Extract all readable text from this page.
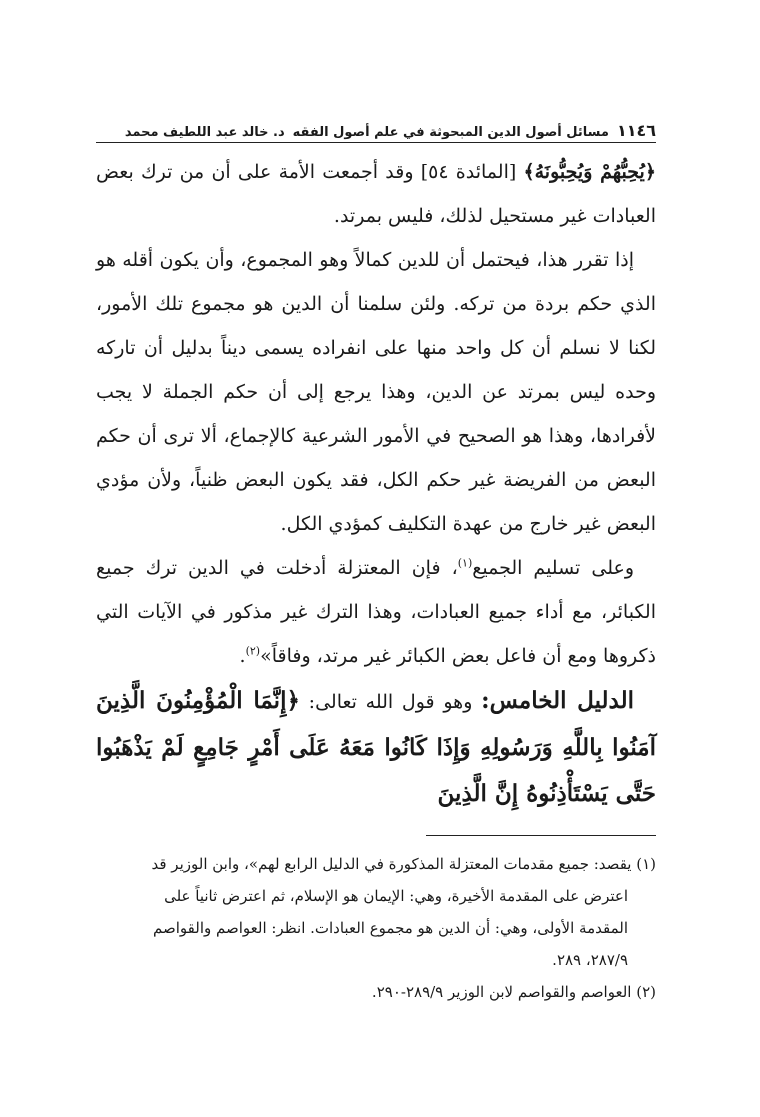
١١٤٦
مسائل أصول الدين المبحوثة في علم أصول الفقه
د. خالد عبد اللطيف محمد

﴿يُحِبُّهُمْ وَيُحِبُّونَهُ﴾ [المائدة ٥٤] وقد أجمعت الأمة على أن من ترك بعض العبادات غير مستحيل لذلك، فليس بمرتد.

إذا تقرر هذا، فيحتمل أن للدين كمالاً وهو المجموع، وأن يكون أقله هو الذي حكم بردة من تركه. ولئن سلمنا أن الدين هو مجموع تلك الأمور، لكنا لا نسلم أن كل واحد منها على انفراده يسمى ديناً بدليل أن تاركه وحده ليس بمرتد عن الدين، وهذا يرجع إلى أن حكم الجملة لا يجب لأفرادها، وهذا هو الصحيح في الأمور الشرعية كالإجماع، ألا ترى أن حكم البعض من الفريضة غير حكم الكل، فقد يكون البعض ظنياً، ولأن مؤدي البعض غير خارج من عهدة التكليف كمؤدي الكل.

وعلى تسليم الجميع$^{(١)}$، فإن المعتزلة أدخلت في الدين ترك جميع الكبائر، مع أداء جميع العبادات، وهذا الترك غير مذكور في الآيات التي ذكروها ومع أن فاعل بعض الكبائر غير مرتد، وفاقاً»$^{(٢)}$.

الدليل الخامس: وهو قول الله تعالى: ﴿إِنَّمَا الْمُؤْمِنُونَ الَّذِينَ آمَنُوا بِاللَّهِ وَرَسُولِهِ وَإِذَا كَانُوا مَعَهُ عَلَى أَمْرٍ جَامِعٍ لَمْ يَذْهَبُوا حَتَّى يَسْتَأْذِنُوهُ إِنَّ الَّذِينَ

(١) يقصد: جميع مقدمات المعتزلة المذكورة في الدليل الرابع لهم»، وابن الوزير قد

اعترض على المقدمة الأخيرة، وهي: الإيمان هو الإسلام، ثم اعترض ثانياً على

المقدمة الأولى، وهي: أن الدين هو مجموع العبادات. انظر: العواصم والقواصم

٢٨٧/٩، ٢٨٩.

(٢) العواصم والقواصم لابن الوزير ٢٨٩/٩-٢٩٠.
